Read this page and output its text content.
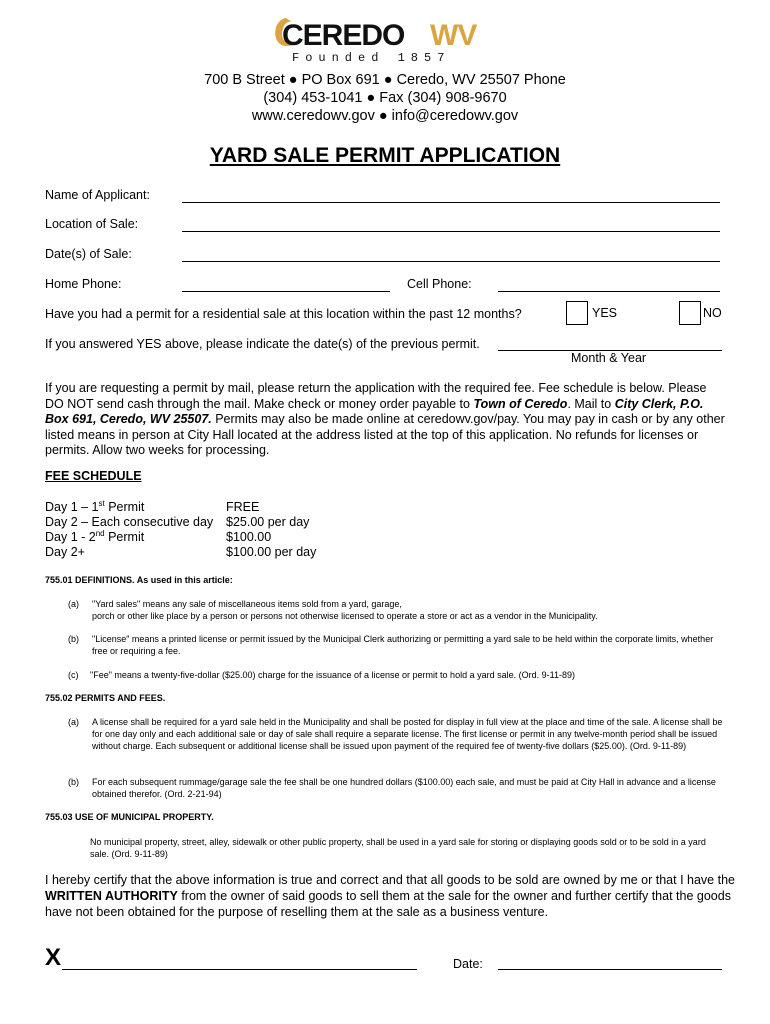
CEREDO WV
Founded 1857
700 B Street ● PO Box 691 ● Ceredo, WV 25507 Phone
(304) 453-1041 ● Fax (304) 908-9670
www.ceredowv.gov ● info@ceredowv.gov
YARD SALE PERMIT APPLICATION
Name of Applicant:
Location of Sale:
Date(s) of Sale:
Home Phone:	Cell Phone:
Have you had a permit for a residential sale at this location within the past 12 months?	YES	NO
If you answered YES above, please indicate the date(s) of the previous permit.
Month & Year
If you are requesting a permit by mail, please return the application with the required fee. Fee schedule is below. Please DO NOT send cash through the mail. Make check or money order payable to Town of Ceredo. Mail to City Clerk, P.O. Box 691, Ceredo, WV 25507. Permits may also be made online at ceredowv.gov/pay. You may pay in cash or by any other listed means in person at City Hall located at the address listed at the top of this application. No refunds for licenses or permits. Allow two weeks for processing.
FEE SCHEDULE
Day 1 – 1st Permit	FREE
Day 2 – Each consecutive day $25.00 per day
Day 1 - 2nd Permit	$100.00
Day 2+	$100.00 per day
755.01 DEFINITIONS. As used in this article:
(a) "Yard sales" means any sale of miscellaneous items sold from a yard, garage,
porch or other like place by a person or persons not otherwise licensed to operate a store or act as a vendor in the Municipality.
(b) "License" means a printed license or permit issued by the Municipal Clerk authorizing or permitting a yard sale to be held within the corporate limits, whether free or requiring a fee.
(c) "Fee" means a twenty-five-dollar ($25.00) charge for the issuance of a license or permit to hold a yard sale. (Ord. 9-11-89)
755.02 PERMITS AND FEES.
(a) A license shall be required for a yard sale held in the Municipality and shall be posted for display in full view at the place and time of the sale. A license shall be for one day only and each additional sale or day of sale shall require a separate license. The first license or permit in any twelve-month period shall be issued without charge. Each subsequent or additional license shall be issued upon payment of the required fee of twenty-five dollars ($25.00). (Ord. 9-11-89)
(b) For each subsequent rummage/garage sale the fee shall be one hundred dollars ($100.00) each sale, and must be paid at City Hall in advance and a license obtained therefor. (Ord. 2-21-94)
755.03 USE OF MUNICIPAL PROPERTY.
No municipal property, street, alley, sidewalk or other public property, shall be used in a yard sale for storing or displaying goods sold or to be sold in a yard sale. (Ord. 9-11-89)
I hereby certify that the above information is true and correct and that all goods to be sold are owned by me or that I have the WRITTEN AUTHORITY from the owner of said goods to sell them at the sale for the owner and further certify that the goods have not been obtained for the purpose of reselling them at the sale as a business venture.
X	Date:
